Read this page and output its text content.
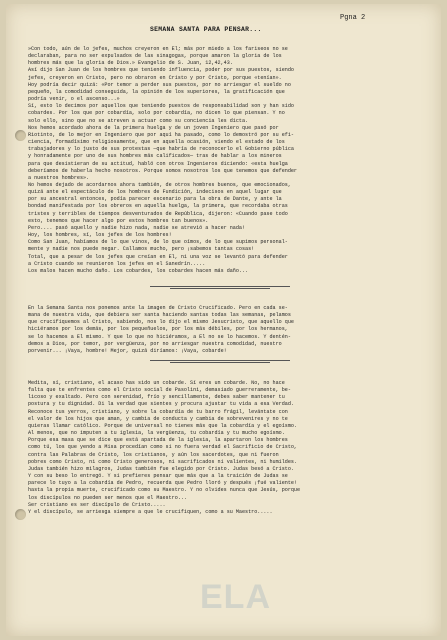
Pgna 2
SEMANA SANTA PARA PENSAR...

»Con todo, aún de lo jefes, muchos creyeron en El; más por miedo a los fariseos no se

declaraban, para no ser expulsados de las sinagogas, porque amaron la gloria de los

hombres más que la gloria de Dios.» Evangelio de S. Juan, 12,42,43.

Así dijo San Juan de los hombres que teniendo influencia, poder por sus puestos, siendo

jefes, creyeron en Cristo, pero no obraron en Cristo y por Cristo, porque «tenían».

Hoy podría decir quizá: «Por temor a perder sus puestos, por no arriesgar el sueldo no

pequeño, la comodidad conseguida, la opinión de los superiores, la gratificación que

podría venir, o el ascenso...»

Sí, esto lo decimos por aquellos que teniendo puestos de responsabilidad son y han sido

cobardes. Por los que por cobardía, solo por cobardía, no dicen lo que piensan. Y no

solo ello, sino que no se atreven a actuar como su conciencia les dicta.

Nos hemos acordado ahora de la primera huelga y de un joven Ingeniero que pasó por

Riotinto, de lo mejor en Ingeniero que por aquí ha pasado, como lo demostró por su efi-

ciencia, formadísimo religiosamente, que en aquella ocasión, viendo el estado de los

trabajadores y lo justo de sus protestas —que habría de reconocerlo el Gobierno pública

y honradamente por uno de sus hombres más calificados— tras de hablar a los mineros

para que desistieran de su actitud, habló con otros Ingenieros diciendo: «esta huelga

deberíamos de haberla hecho nosotros. Porque somos nosotros los que tenemos que defender

a nuestros hombres».

No hemos dejado de acordarnos ahora también, de otros hombres buenos, que emocionados,

quizá ante el espectáculo de los hombres de Fundición, indecisos en aquel lugar que

por su ancestral entonces, podía parecer escenario para la obra de Dante, y ante la

bondad manifestada por los obreros en aquella huelga, la primera, que recordaba otras

tristes y terribles de tiempos desventurados de República, dijeron: «Cuando pase todo

esto, tenemos que hacer algo por estos hombres tan buenos».

Pero.... pasó aquello y nadie hizo nada, nadie se atrevió a hacer nada!

Hoy, los hombres, sí, los jefes de los hombres!

Como San Juan, habíamos de lo que vinos, de lo que oímos, de lo que supimos personal-

mente y nadie nos puede negar. Callamos mucho, pero ¡sabemos tantas cosas!

Total, que a pesar de los jefes que creían en El, ni una voz se levantó para defender

a Cristo cuando se reunieron los jefes en el Sanedrín.....

Los malos hacen mucho daño. Los cobardes, los cobardes hacen más daño...

En la Semana Santa nos ponemos ante la imagen de Cristo Crucificado. Pero en cada se-

mana de nuestra vida, que debiera ser santa haciendo santas todas las semanas, pelamos

que crucifiquemos al Cristo, sabiendo, nos lo dijo el mismo Jesucristo, que aquello que

hiciéramos por los demás, por los pequeñuelos, por los más débiles, por los hermanos,

se lo hacemos a El mismo. Y que lo que no hiciéramos, a El no se lo hacemos. Y dentén-

demos a Dios, por temor, por vergüenza, por no arriesgar nuestra comodidad, nuestro

porvenir... ¡Vaya, hombre! Mejor, quizá diríamos: ¡Vaya, cobarde!

Medita, sí, cristiano, el acaso has sido un cobarde. Sí eres un cobarde. No, no hace

falta que te enfrentes como el Cristo social de Pasolini, demasiado guerreramente, be-

licoso y exaltado. Pero con serenidad, frío y sencillamente, debes saber mantener tu

postura y tu dignidad. Di la verdad que sientes y procura ajustar tu vida a esa Verdad.

Reconoce tus yerros, cristiano, y sobre la cobardía de tu barro frágil, levántate con

el valor de los hijos que aman, y cambia de conducta y cambia de sobrevenires y no te

quieras llamar católico. Porque de universal no tienes más que la cobardía y el egoísmo.

Al menos, que no imputen a tu iglesia, la vergüenza, tu cobardía y tu mucho egoísmo.

Porque esa masa que se dice que está apartada de la iglesia, la apartaron los hombres

como tú, los que yendo a Misa procedían como si no fuera verdad el Sacrificio de Cristo,

contra las Palabras de Cristo, los cristianos, y aún los sacerdotes, que ni fueron

pobres como Cristo, ni como Cristo generosos, ni sacrificados ni valientes, ni humildes.

Judas también hizo milagros, Judas también fue elegido por Cristo. Judas besó a Cristo.

Y con su beso lo entregó. Y si prefieres pensar que más que a la traición de Judas se

parece lo tuyo a la cobardía de Pedro, recuerda que Pedro lloró y después ¡fué valiente!

hasta la propia muerte, crucificado como su Maestro. Y no olvides nunca que Jesús, porque

los discípulos no pueden ser menos que el Maestro...

Ser cristiano es ser discípulo de Cristo.....

Y el discípulo, se arriesga siempre a que le crucifiquen, como a su Maestro.....

ELA
